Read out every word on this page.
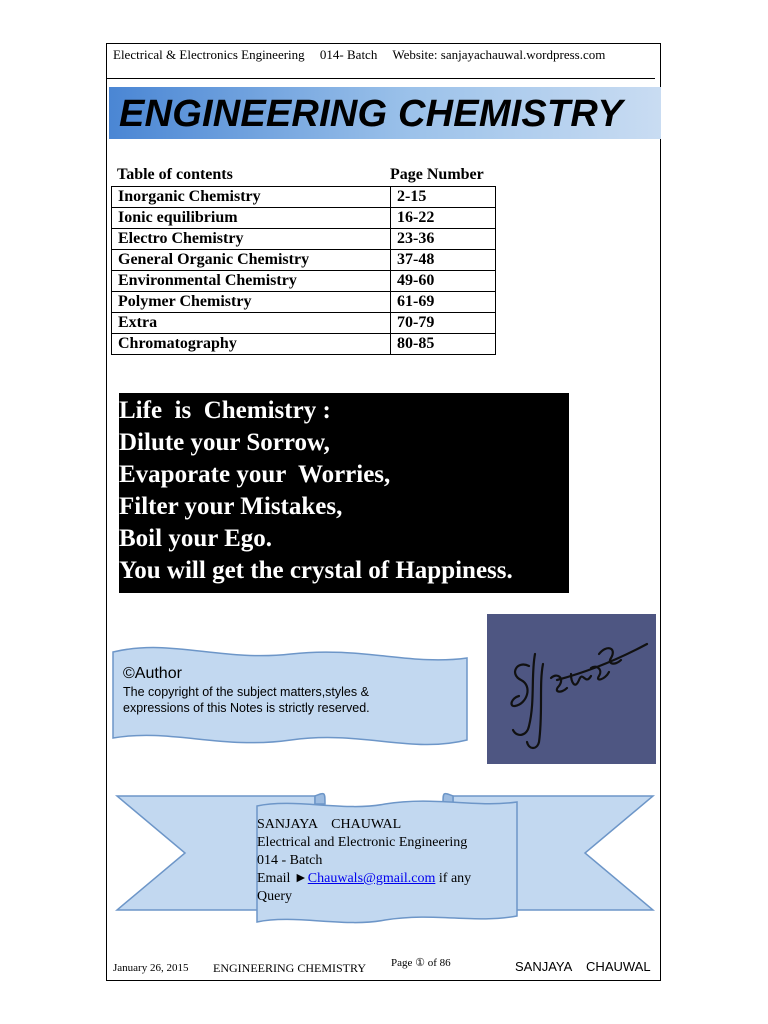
Electrical & Electronics Engineering 014- Batch Website: sanjayachauwal.wordpress.com
ENGINEERING CHEMISTRY
Table of contents	Page Number
Inorganic Chemistry	2-15
Ionic equilibrium	16-22
Electro Chemistry	23-36
General Organic Chemistry	37-48
Environmental Chemistry	49-60
Polymer Chemistry	61-69
Extra	70-79
Chromatography	80-85
Life  is  Chemistry :
Dilute your Sorrow,
Evaporate your  Worries,
Filter your Mistakes,
Boil your Ego.
You will get the crystal of Happiness.
©Author
The copyright of the subject matters,styles & expressions of this Notes is strictly reserved.
SANJAYA    CHAUWAL
Electrical and Electronic Engineering
014 - Batch
Email ►Chauwals@gmail.com if any
Query
January 26, 2015 ENGINEERING CHEMISTRY Page ① of 86	SANJAYA    CHAUWAL
